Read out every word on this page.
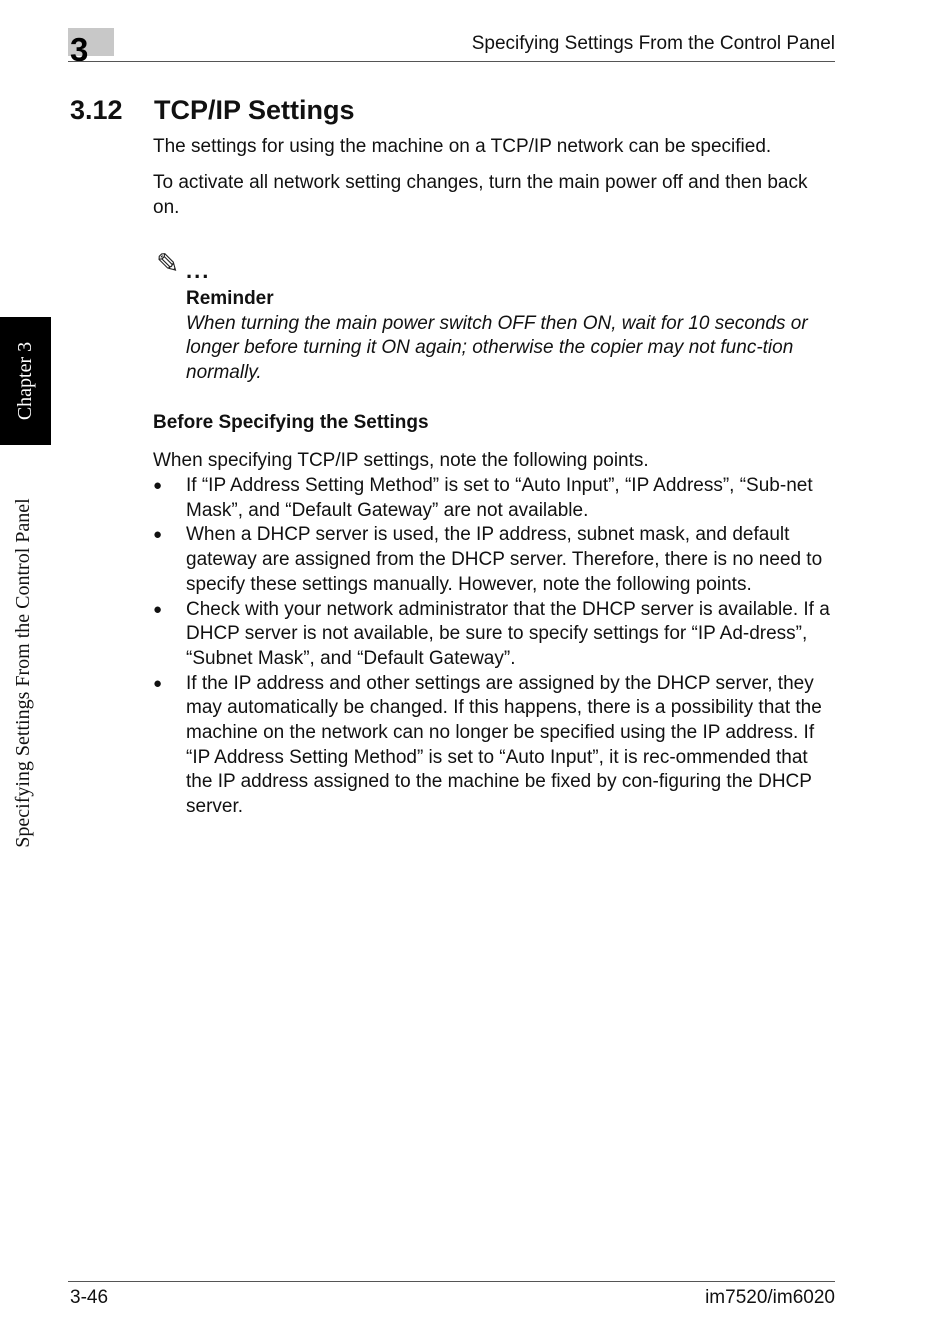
3	Specifying Settings From the Control Panel
3.12 TCP/IP Settings

The settings for using the machine on a TCP/IP network can be specified.

To activate all network setting changes, turn the main power off and then back on.

✎ ...
Reminder
When turning the main power switch OFF then ON, wait for 10 seconds or longer before turning it ON again; otherwise the copier may not func-tion normally.
Before Specifying the Settings

When specifying TCP/IP settings, note the following points.

● If “IP Address Setting Method” is set to “Auto Input”, “IP Address”, “Sub-net Mask”, and “Default Gateway” are not available.
● When a DHCP server is used, the IP address, subnet mask, and default gateway are assigned from the DHCP server. Therefore, there is no need to specify these settings manually. However, note the following points.
● Check with your network administrator that the DHCP server is available. If a DHCP server is not available, be sure to specify settings for “IP Ad-dress”, “Subnet Mask”, and “Default Gateway”.
● If the IP address and other settings are assigned by the DHCP server, they may automatically be changed. If this happens, there is a possibility that the machine on the network can no longer be specified using the IP address. If “IP Address Setting Method” is set to “Auto Input”, it is rec-ommended that the IP address assigned to the machine be fixed by con-figuring the DHCP server.
Chapter 3
Specifying Settings From the Control Panel
3-46	im7520/im6020
